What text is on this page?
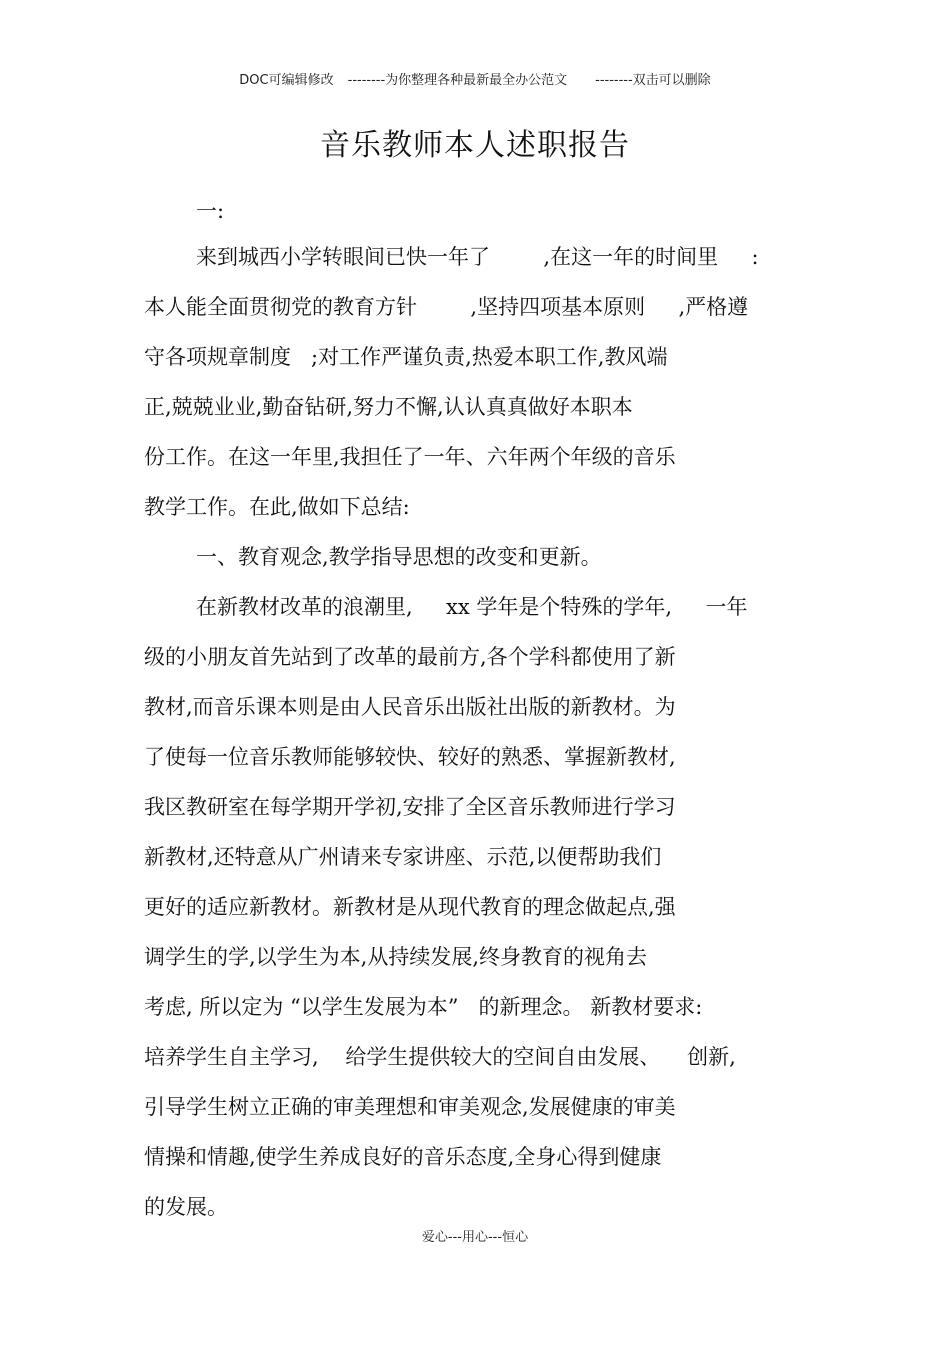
DOC可编辑修改 --------为你整理各种最新最全办公范文 --------双击可以删除
音乐教师本人述职报告
一:
来到城西小学转眼间已快一年了        ,在这一年的时间里     :
本人能全面贯彻党的教育方针        ,坚持四项基本原则     ,严格遵
守各项规章制度   ;对工作严谨负责,热爱本职工作,教风端
正,兢兢业业,勤奋钻研,努力不懈,认认真真做好本职本
份工作。在这一年里,我担任了一年、六年两个年级的音乐
教学工作。在此,做如下总结:
一、教育观念,教学指导思想的改变和更新。
在新教材改革的浪潮里,     xx 学年是个特殊的学年,     一年
级的小朋友首先站到了改革的最前方,各个学科都使用了新
教材,而音乐课本则是由人民音乐出版社出版的新教材。为
了使每一位音乐教师能够较快、较好的熟悉、掌握新教材,
我区教研室在每学期开学初,安排了全区音乐教师进行学习
新教材,还特意从广州请来专家讲座、示范,以便帮助我们
更好的适应新教材。新教材是从现代教育的理念做起点,强
调学生的学,以学生为本,从持续发展,终身教育的视角去
考虑, 所以定为 “以学生发展为本”   的新理念。 新教材要求:
培养学生自主学习,    给学生提供较大的空间自由发展、    创新,
引导学生树立正确的审美理想和审美观念,发展健康的审美
情操和情趣,使学生养成良好的音乐态度,全身心得到健康
的发展。
爱心---用心---恒心
